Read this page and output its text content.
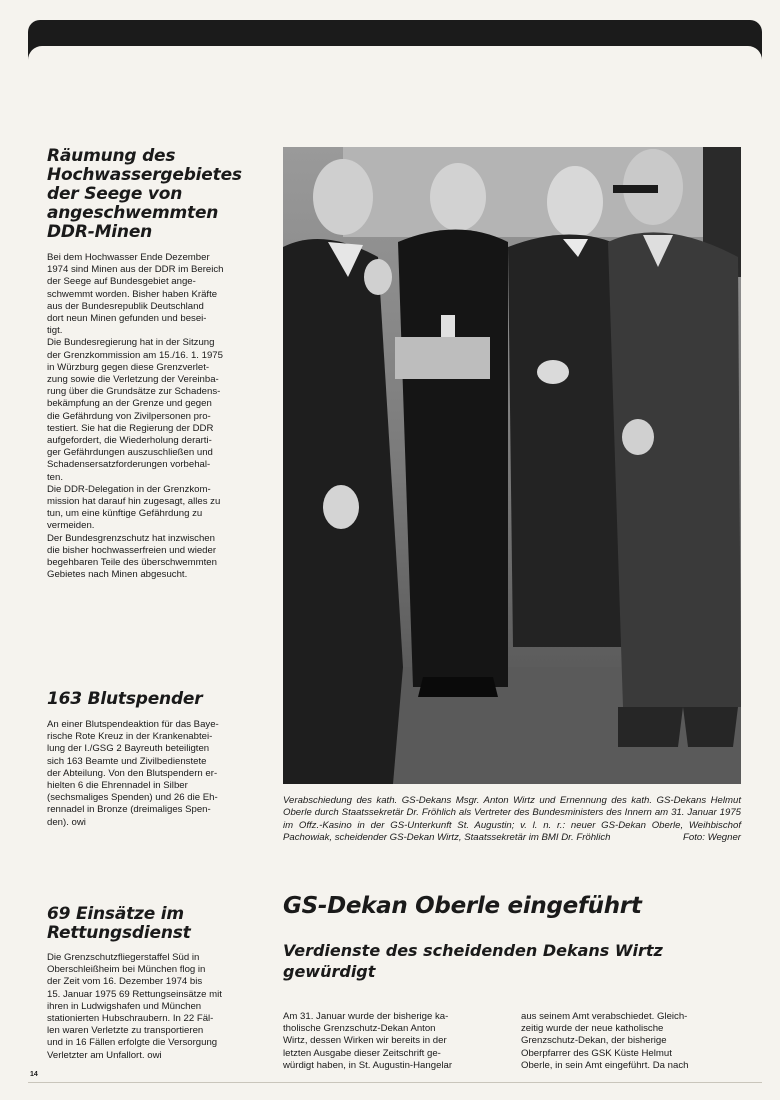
Räumung des Hochwassergebietes der Seege von angeschwemmten DDR-Minen

Bei dem Hochwasser Ende Dezember
1974 sind Minen aus der DDR im Bereich
der Seege auf Bundesgebiet ange-
schwemmt worden. Bisher haben Kräfte
aus der Bundesrepublik Deutschland
dort neun Minen gefunden und besei-
tigt.
Die Bundesregierung hat in der Sitzung
der Grenzkommission am 15./16. 1. 1975
in Würzburg gegen diese Grenzverlet-
zung sowie die Verletzung der Vereinba-
rung über die Grundsätze zur Schadens-
bekämpfung an der Grenze und gegen
die Gefährdung von Zivilpersonen pro-
testiert. Sie hat die Regierung der DDR
aufgefordert, die Wiederholung derarti-
ger Gefährdungen auszuschließen und
Schadensersatzforderungen vorbehal-
ten.
Die DDR-Delegation in der Grenzkom-
mission hat darauf hin zugesagt, alles zu
tun, um eine künftige Gefährdung zu
vermeiden.
Der Bundesgrenzschutz hat inzwischen
die bisher hochwasserfreien und wieder
begehbaren Teile des überschwemmten
Gebietes nach Minen abgesucht.

163 Blutspender

An einer Blutspendeaktion für das Baye-
rische Rote Kreuz in der Krankenabtei-
lung der I./GSG 2 Bayreuth beteiligten
sich 163 Beamte und Zivilbedienstete
der Abteilung. Von den Blutspendern er-
hielten 6 die Ehrennadel in Silber
(sechsmaliges Spenden) und 26 die Eh-
rennadel in Bronze (dreimaliges Spen-
den). owi

69 Einsätze im Rettungsdienst

Die Grenzschutzfliegerstaffel Süd in
Oberschleißheim bei München flog in
der Zeit vom 16. Dezember 1974 bis
15. Januar 1975 69 Rettungseinsätze mit
ihren in Ludwigshafen und München
stationierten Hubschraubern. In 22 Fäl-
len waren Verletzte zu transportieren
und in 16 Fällen erfolgte die Versorgung
Verletzter am Unfallort. owi

Verabschiedung des kath. GS-Dekans Msgr. Anton Wirtz und Ernennung des kath. GS-Dekans Helmut Oberle durch Staatssekretär Dr. Fröhlich als Vertreter des Bundesministers des Innern am 31. Januar 1975 im Offz.-Kasino in der GS-Unterkunft St. Augustin; v. l. n. r.: neuer GS-Dekan Oberle, Weihbischof Pachowiak, scheidender GS-Dekan Wirtz, Staatssekretär im BMI Dr. Fröhlich	Foto: Wegner
GS-Dekan Oberle eingeführt
Verdienste des scheidenden Dekans Wirtz gewürdigt

Am 31. Januar wurde der bisherige ka-
tholische Grenzschutz-Dekan Anton
Wirtz, dessen Wirken wir bereits in der
letzten Ausgabe dieser Zeitschrift ge-
würdigt haben, in St. Augustin-Hangelar

aus seinem Amt verabschiedet. Gleich-
zeitig wurde der neue katholische
Grenzschutz-Dekan, der bisherige
Oberpfarrer des GSK Küste Helmut
Oberle, in sein Amt eingeführt. Da nach

14
